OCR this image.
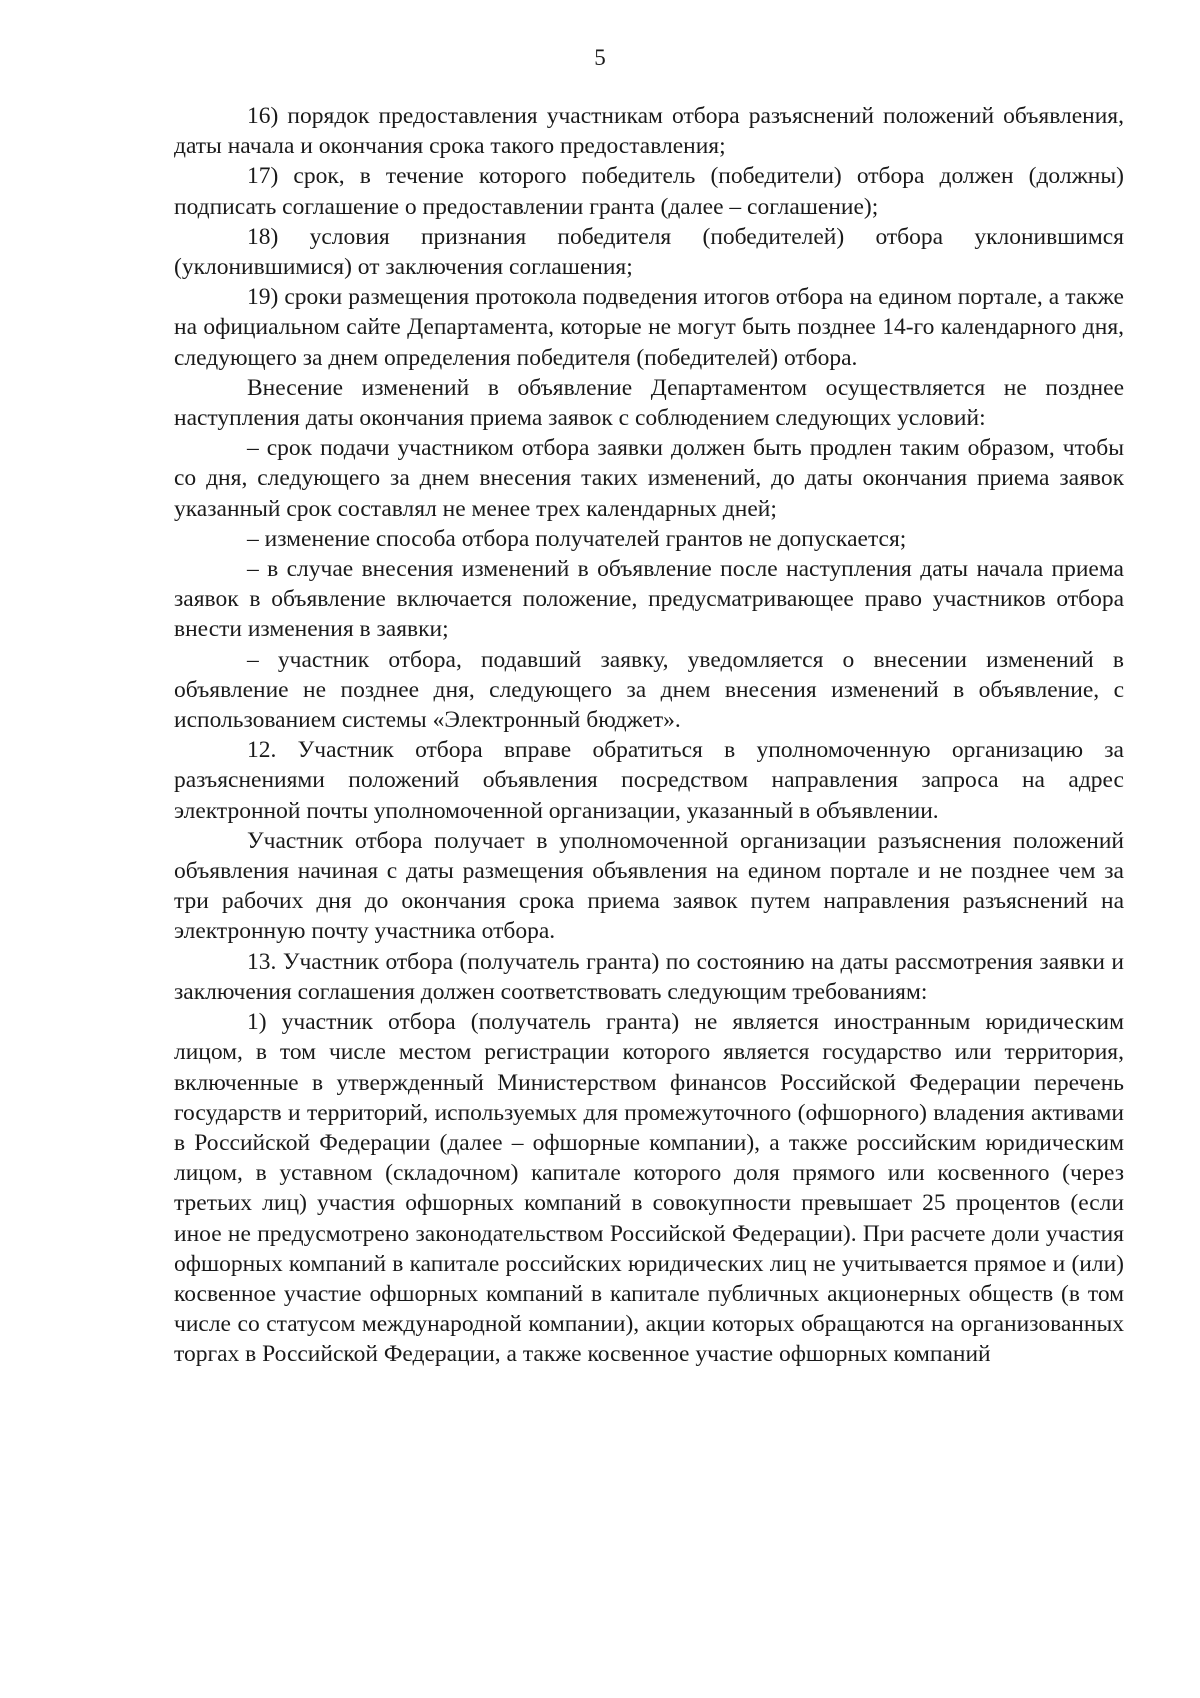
5

16) порядок предоставления участникам отбора разъяснений положений объявления, даты начала и окончания срока такого предоставления;

17) срок, в течение которого победитель (победители) отбора должен (должны) подписать соглашение о предоставлении гранта (далее – соглашение);

18) условия признания победителя (победителей) отбора уклонившимся (уклонившимися) от заключения соглашения;

19) сроки размещения протокола подведения итогов отбора на едином портале, а также на официальном сайте Департамента, которые не могут быть позднее 14-го календарного дня, следующего за днем определения победителя (победителей) отбора.

Внесение изменений в объявление Департаментом осуществляется не позднее наступления даты окончания приема заявок с соблюдением следующих условий:

– срок подачи участником отбора заявки должен быть продлен таким образом, чтобы со дня, следующего за днем внесения таких изменений, до даты окончания приема заявок указанный срок составлял не менее трех календарных дней;

– изменение способа отбора получателей грантов не допускается;

– в случае внесения изменений в объявление после наступления даты начала приема заявок в объявление включается положение, предусматривающее право участников отбора внести изменения в заявки;

– участник отбора, подавший заявку, уведомляется о внесении изменений в объявление не позднее дня, следующего за днем внесения изменений в объявление, с использованием системы «Электронный бюджет».

12. Участник отбора вправе обратиться в уполномоченную организацию за разъяснениями положений объявления посредством направления запроса на адрес электронной почты уполномоченной организации, указанный в объявлении.

Участник отбора получает в уполномоченной организации разъяснения положений объявления начиная с даты размещения объявления на едином портале и не позднее чем за три рабочих дня до окончания срока приема заявок путем направления разъяснений на электронную почту участника отбора.

13. Участник отбора (получатель гранта) по состоянию на даты рассмотрения заявки и заключения соглашения должен соответствовать следующим требованиям:

1) участник отбора (получатель гранта) не является иностранным юридическим лицом, в том числе местом регистрации которого является государство или территория, включенные в утвержденный Министерством финансов Российской Федерации перечень государств и территорий, используемых для промежуточного (офшорного) владения активами в Российской Федерации (далее – офшорные компании), а также российским юридическим лицом, в уставном (складочном) капитале которого доля прямого или косвенного (через третьих лиц) участия офшорных компаний в совокупности превышает 25 процентов (если иное не предусмотрено законодательством Российской Федерации). При расчете доли участия офшорных компаний в капитале российских юридических лиц не учитывается прямое и (или) косвенное участие офшорных компаний в капитале публичных акционерных обществ (в том числе со статусом международной компании), акции которых обращаются на организованных торгах в Российской Федерации, а также косвенное участие офшорных компаний
